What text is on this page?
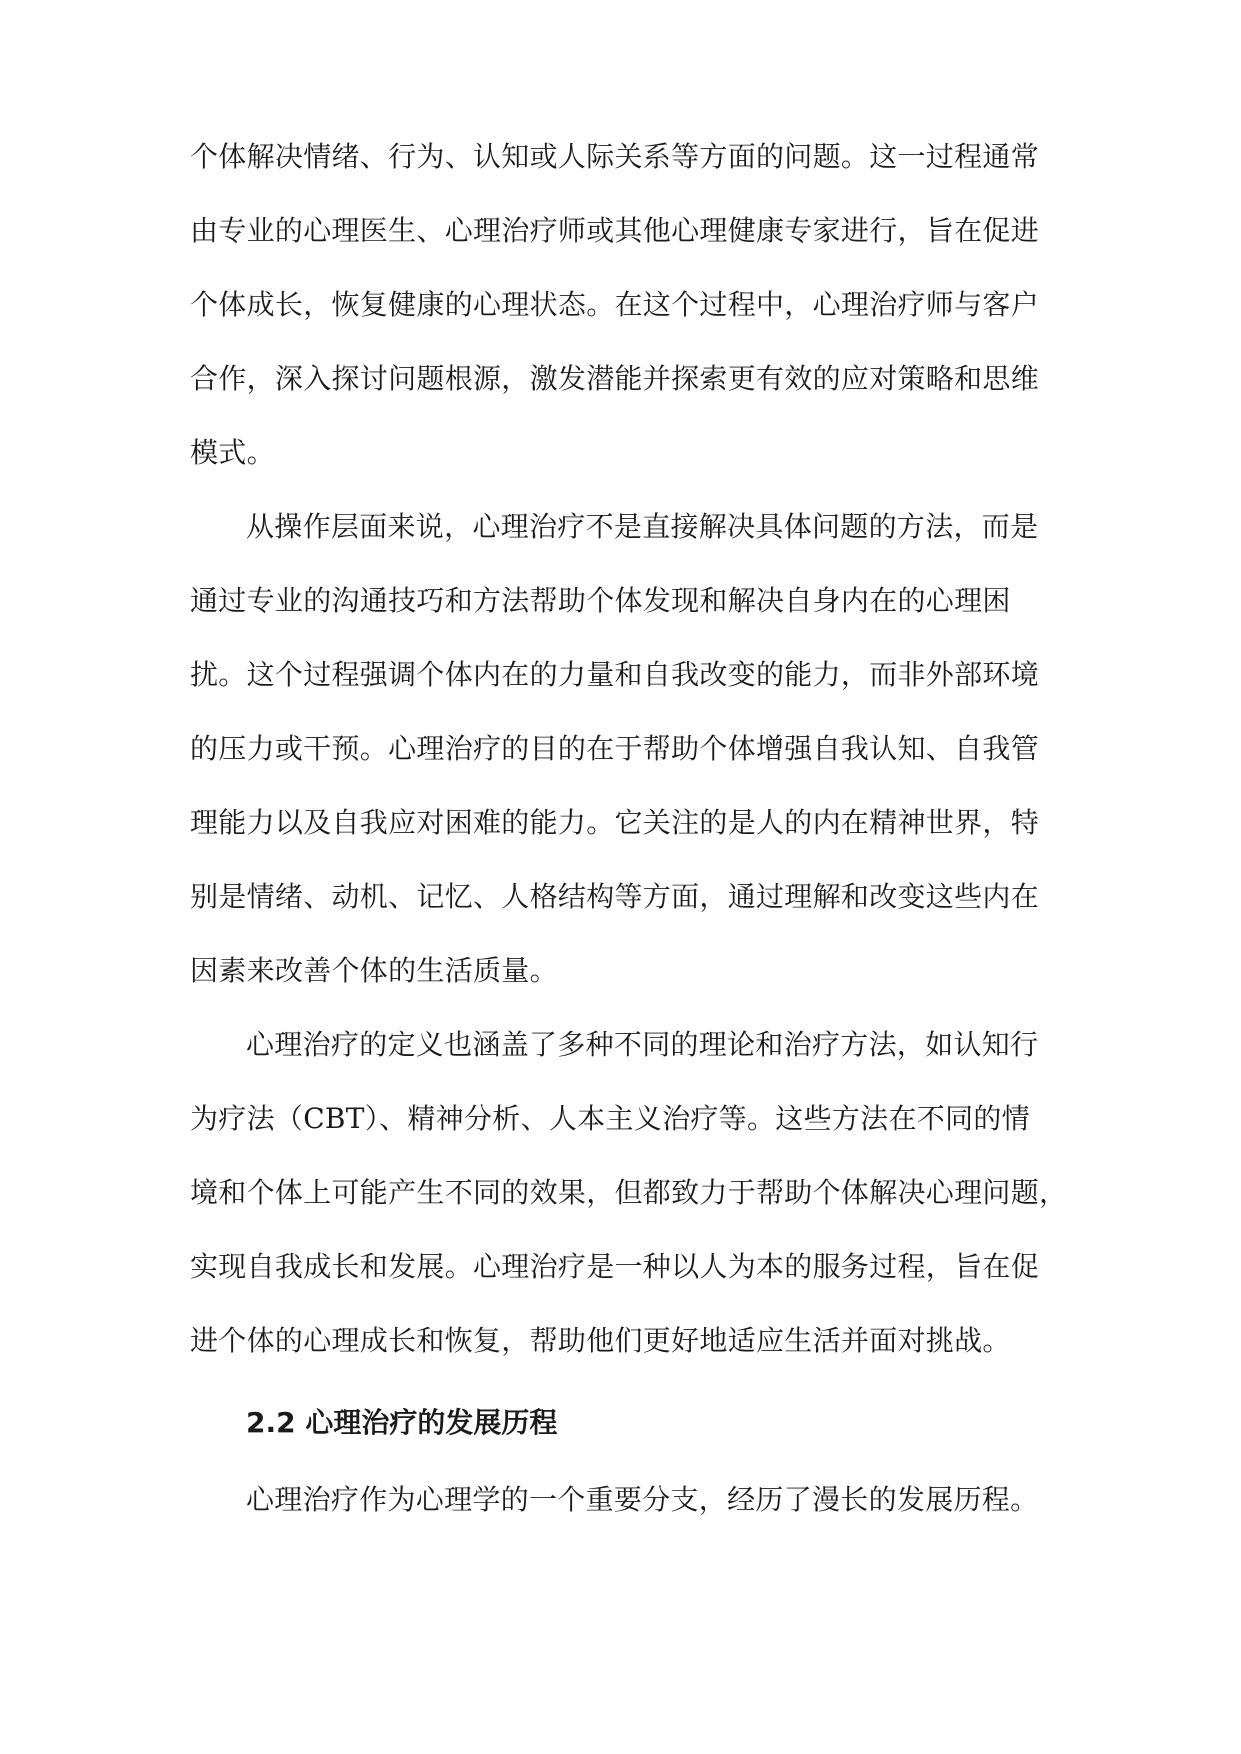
个体解决情绪、行为、认知或人际关系等方面的问题。这一过程通常
由专业的心理医生、心理治疗师或其他心理健康专家进行，旨在促进
个体成长，恢复健康的心理状态。在这个过程中，心理治疗师与客户
合作，深入探讨问题根源，激发潜能并探索更有效的应对策略和思维
模式。
从操作层面来说，心理治疗不是直接解决具体问题的方法，而是
通过专业的沟通技巧和方法帮助个体发现和解决自身内在的心理困
扰。这个过程强调个体内在的力量和自我改变的能力，而非外部环境
的压力或干预。心理治疗的目的在于帮助个体增强自我认知、自我管
理能力以及自我应对困难的能力。它关注的是人的内在精神世界，特
别是情绪、动机、记忆、人格结构等方面，通过理解和改变这些内在
因素来改善个体的生活质量。
心理治疗的定义也涵盖了多种不同的理论和治疗方法，如认知行
为疗法（CBT）、精神分析、人本主义治疗等。这些方法在不同的情
境和个体上可能产生不同的效果，但都致力于帮助个体解决心理问题，
实现自我成长和发展。心理治疗是一种以人为本的服务过程，旨在促
进个体的心理成长和恢复，帮助他们更好地适应生活并面对挑战。
2.2 心理治疗的发展历程
心理治疗作为心理学的一个重要分支，经历了漫长的发展历程。
